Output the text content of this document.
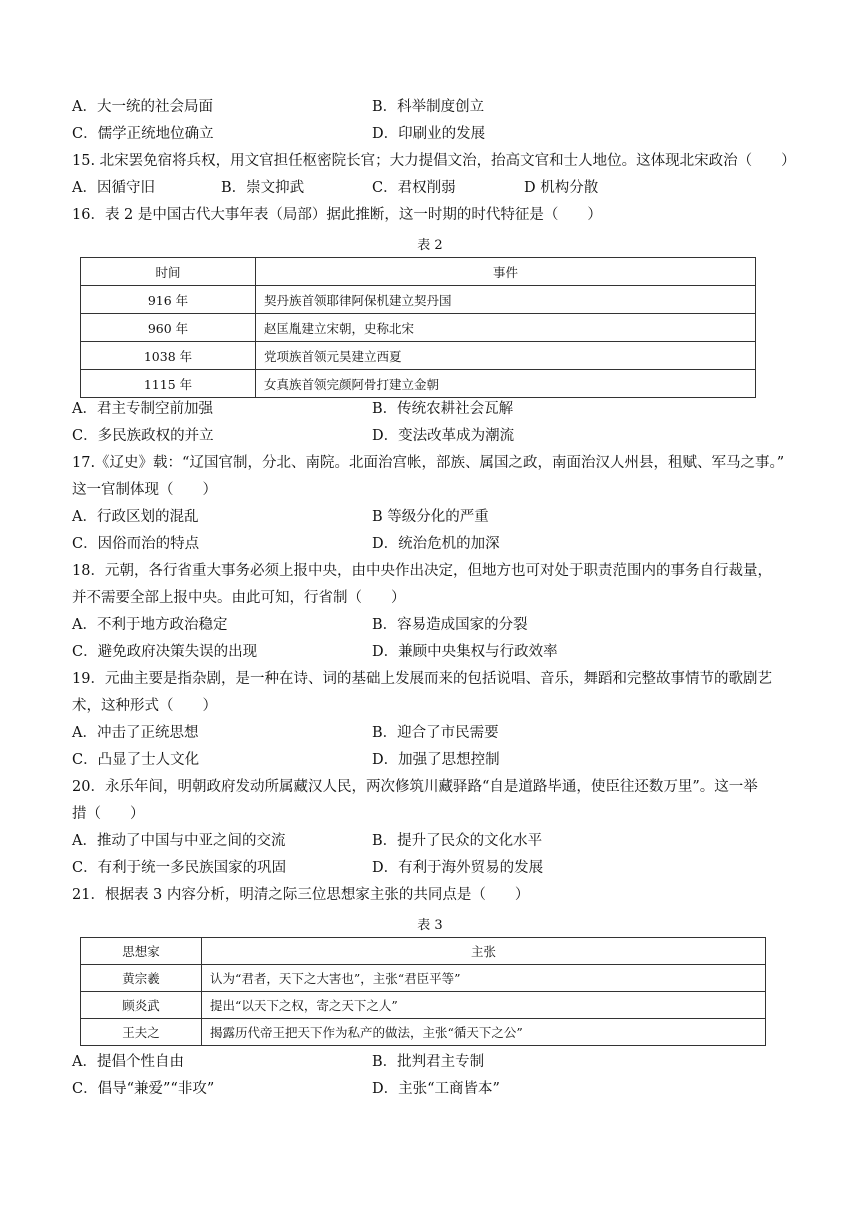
A．大一统的社会局面	B．科举制度创立
C．儒学正统地位确立	D．印刷业的发展
15. 北宋罢免宿将兵权，用文官担任枢密院长官；大力提倡文治，抬高文官和士人地位。这体现北宋政治（　　）
A．因循守旧	B．崇文抑武	C．君权削弱	D 机构分散
16．表 2 是中国古代大事年表（局部）据此推断，这一时期的时代特征是（　　）
表 2
时间	事件
916 年	契丹族首领耶律阿保机建立契丹国
960 年	赵匡胤建立宋朝，史称北宋
1038 年	党项族首领元昊建立西夏
1115 年	女真族首领完颜阿骨打建立金朝
A．君主专制空前加强	B．传统农耕社会瓦解
C．多民族政权的并立	D．变法改革成为潮流
17.《辽史》载：“辽国官制，分北、南院。北面治宫帐，部族、属国之政，南面治汉人州县，租赋、军马之事。”
这一官制体现（　　）
A．行政区划的混乱	B 等级分化的严重
C．因俗而治的特点	D．统治危机的加深
18．元朝，各行省重大事务必须上报中央，由中央作出决定，但地方也可对处于职责范围内的事务自行裁量，
并不需要全部上报中央。由此可知，行省制（　　）
A．不利于地方政治稳定	B．容易造成国家的分裂
C．避免政府决策失误的出现	D．兼顾中央集权与行政效率
19．元曲主要是指杂剧，是一种在诗、词的基础上发展而来的包括说唱、音乐，舞蹈和完整故事情节的歌剧艺
术，这种形式（　　）
A．冲击了正统思想	B．迎合了市民需要
C．凸显了士人文化	D．加强了思想控制
20．永乐年间，明朝政府发动所属藏汉人民，两次修筑川藏驿路“自是道路毕通，使臣往还数万里”。这一举
措（　　）
A．推动了中国与中亚之间的交流	B．提升了民众的文化水平
C．有利于统一多民族国家的巩固	D．有利于海外贸易的发展
21．根据表 3 内容分析，明清之际三位思想家主张的共同点是（　　）
表 3
思想家	主张
黄宗羲	认为“君者，天下之大害也”，主张“君臣平等”
顾炎武	提出“以天下之权，寄之天下之人”
王夫之	揭露历代帝王把天下作为私产的做法，主张“循天下之公”
A．提倡个性自由	B．批判君主专制
C．倡导“兼爱”“非攻”	D．主张“工商皆本”
